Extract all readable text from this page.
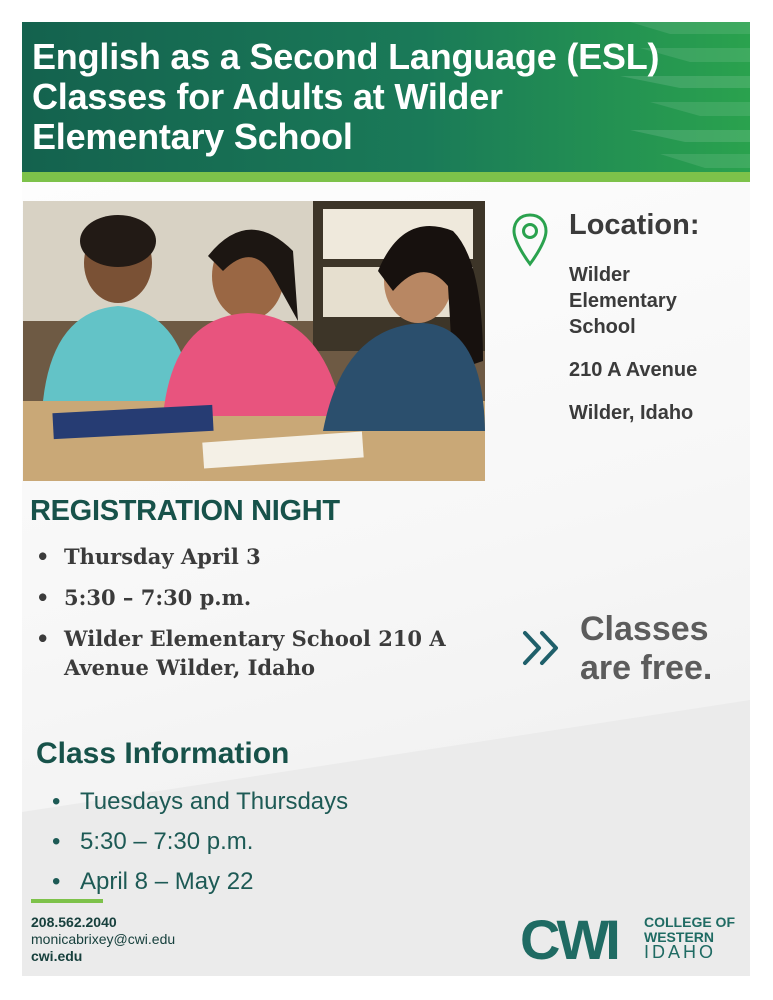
English as a Second Language (ESL)
Classes for Adults at Wilder
Elementary School
Location:
Wilder
Elementary
School
210 A Avenue
Wilder, Idaho
REGISTRATION NIGHT
• Thursday April 3
• 5:30 – 7:30 p.m.
• Wilder Elementary School 210 A Avenue Wilder, Idaho
Classes
are free.
Class Information
• Tuesdays and Thursdays
• 5:30 – 7:30 p.m.
• April 8 – May 22
208.562.2040
monicabrixey@cwi.edu
cwi.edu	CWI COLLEGE OF
WESTERN
IDAHO
